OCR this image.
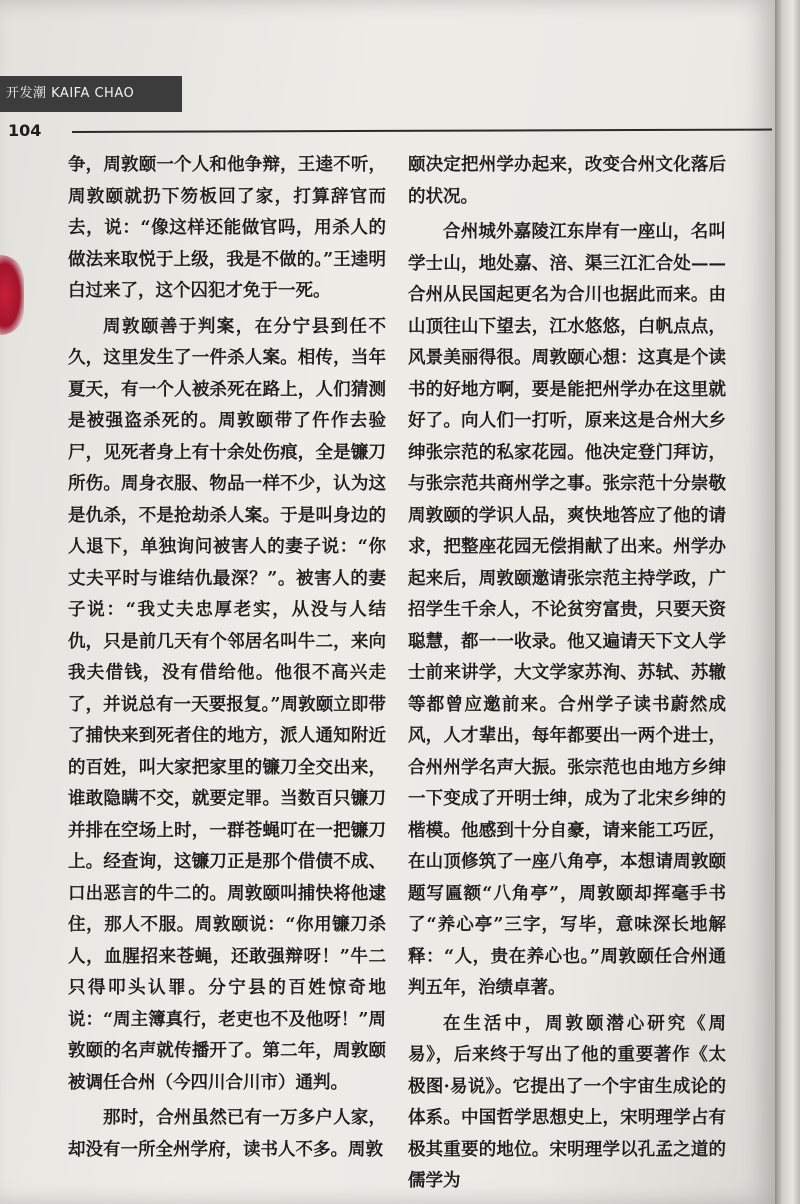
开发潮 KAIFA CHAO
104

争，周敦颐一个人和他争辩，王逵不听，周敦颐就扔下笏板回了家，打算辞官而去，说：“像这样还能做官吗，用杀人的做法来取悦于上级，我是不做的。”王逵明白过来了，这个囚犯才免于一死。

周敦颐善于判案，在分宁县到任不久，这里发生了一件杀人案。相传，当年夏天，有一个人被杀死在路上，人们猜测是被强盗杀死的。周敦颐带了仵作去验尸，见死者身上有十余处伤痕，全是镰刀所伤。周身衣服、物品一样不少，认为这是仇杀，不是抢劫杀人案。于是叫身边的人退下，单独询问被害人的妻子说：“你丈夫平时与谁结仇最深？”。被害人的妻子说：“我丈夫忠厚老实，从没与人结仇，只是前几天有个邻居名叫牛二，来向我夫借钱，没有借给他。他很不高兴走了，并说总有一天要报复。”周敦颐立即带了捕快来到死者住的地方，派人通知附近的百姓，叫大家把家里的镰刀全交出来，谁敢隐瞒不交，就要定罪。当数百只镰刀并排在空场上时，一群苍蝇叮在一把镰刀上。经查询，这镰刀正是那个借债不成、口出恶言的牛二的。周敦颐叫捕快将他逮住，那人不服。周敦颐说：“你用镰刀杀人，血腥招来苍蝇，还敢强辩呀！”牛二只得叩头认罪。分宁县的百姓惊奇地说：“周主簿真行，老吏也不及他呀！”周敦颐的名声就传播开了。第二年，周敦颐被调任合州（今四川合川市）通判。

那时，合州虽然已有一万多户人家，却没有一所全州学府，读书人不多。周敦

颐决定把州学办起来，改变合州文化落后的状况。

合州城外嘉陵江东岸有一座山，名叫学士山，地处嘉、涪、渠三江汇合处——合州从民国起更名为合川也据此而来。由山顶往山下望去，江水悠悠，白帆点点，风景美丽得很。周敦颐心想：这真是个读书的好地方啊，要是能把州学办在这里就好了。向人们一打听，原来这是合州大乡绅张宗范的私家花园。他决定登门拜访，与张宗范共商州学之事。张宗范十分崇敬周敦颐的学识人品，爽快地答应了他的请求，把整座花园无偿捐献了出来。州学办起来后，周敦颐邀请张宗范主持学政，广招学生千余人，不论贫穷富贵，只要天资聪慧，都一一收录。他又遍请天下文人学士前来讲学，大文学家苏洵、苏轼、苏辙等都曾应邀前来。合州学子读书蔚然成风，人才辈出，每年都要出一两个进士，合州州学名声大振。张宗范也由地方乡绅一下变成了开明士绅，成为了北宋乡绅的楷模。他感到十分自豪，请来能工巧匠，在山顶修筑了一座八角亭，本想请周敦颐题写匾额“八角亭”，周敦颐却挥毫手书了“养心亭”三字，写毕，意味深长地解释：“人，贵在养心也。”周敦颐任合州通判五年，治绩卓著。

在生活中，周敦颐潜心研究《周易》，后来终于写出了他的重要著作《太极图·易说》。它提出了一个宇宙生成论的体系。中国哲学思想史上，宋明理学占有极其重要的地位。宋明理学以孔孟之道的儒学为
